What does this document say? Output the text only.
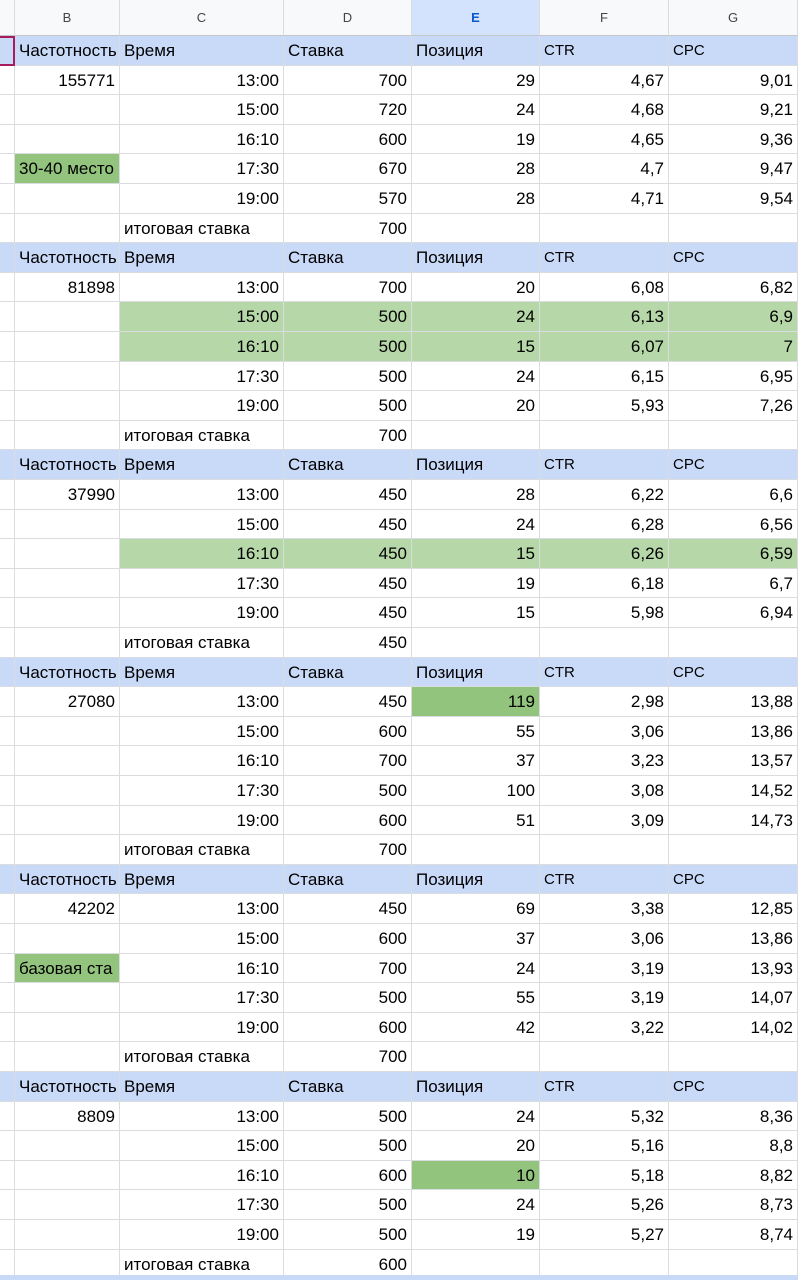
B	C	D	E	F	G
Частотность Время	Ставка	Позиция	CTR	CPC
155771	13:00	700	29	4,67	9,01
15:00	720	24	4,68	9,21
16:10	600	19	4,65	9,36
30-40 место	17:30	670	28	4,7	9,47
19:00	570	28	4,71	9,54
итоговая ставка	700
Частотность Время	Ставка	Позиция	CTR	CPC
81898	13:00	700	20	6,08	6,82
15:00	500	24	6,13	6,9
16:10	500	15	6,07	7
17:30	500	24	6,15	6,95
19:00	500	20	5,93	7,26
итоговая ставка	700
Частотность Время	Ставка	Позиция	CTR	CPC
37990	13:00	450	28	6,22	6,6
15:00	450	24	6,28	6,56
16:10	450	15	6,26	6,59
17:30	450	19	6,18	6,7
19:00	450	15	5,98	6,94
итоговая ставка	450
Частотность Время	Ставка	Позиция	CTR	CPC
27080	13:00	450	119	2,98	13,88
15:00	600	55	3,06	13,86
16:10	700	37	3,23	13,57
17:30	500	100	3,08	14,52
19:00	600	51	3,09	14,73
итоговая ставка	700
Частотность Время	Ставка	Позиция	CTR	CPC
42202	13:00	450	69	3,38	12,85
15:00	600	37	3,06	13,86
базовая ста	16:10	700	24	3,19	13,93
17:30	500	55	3,19	14,07
19:00	600	42	3,22	14,02
итоговая ставка	700
Частотность Время	Ставка	Позиция	CTR	CPC
8809	13:00	500	24	5,32	8,36
15:00	500	20	5,16	8,8
16:10	600	10	5,18	8,82
17:30	500	24	5,26	8,73
19:00	500	19	5,27	8,74
итоговая ставка	600
